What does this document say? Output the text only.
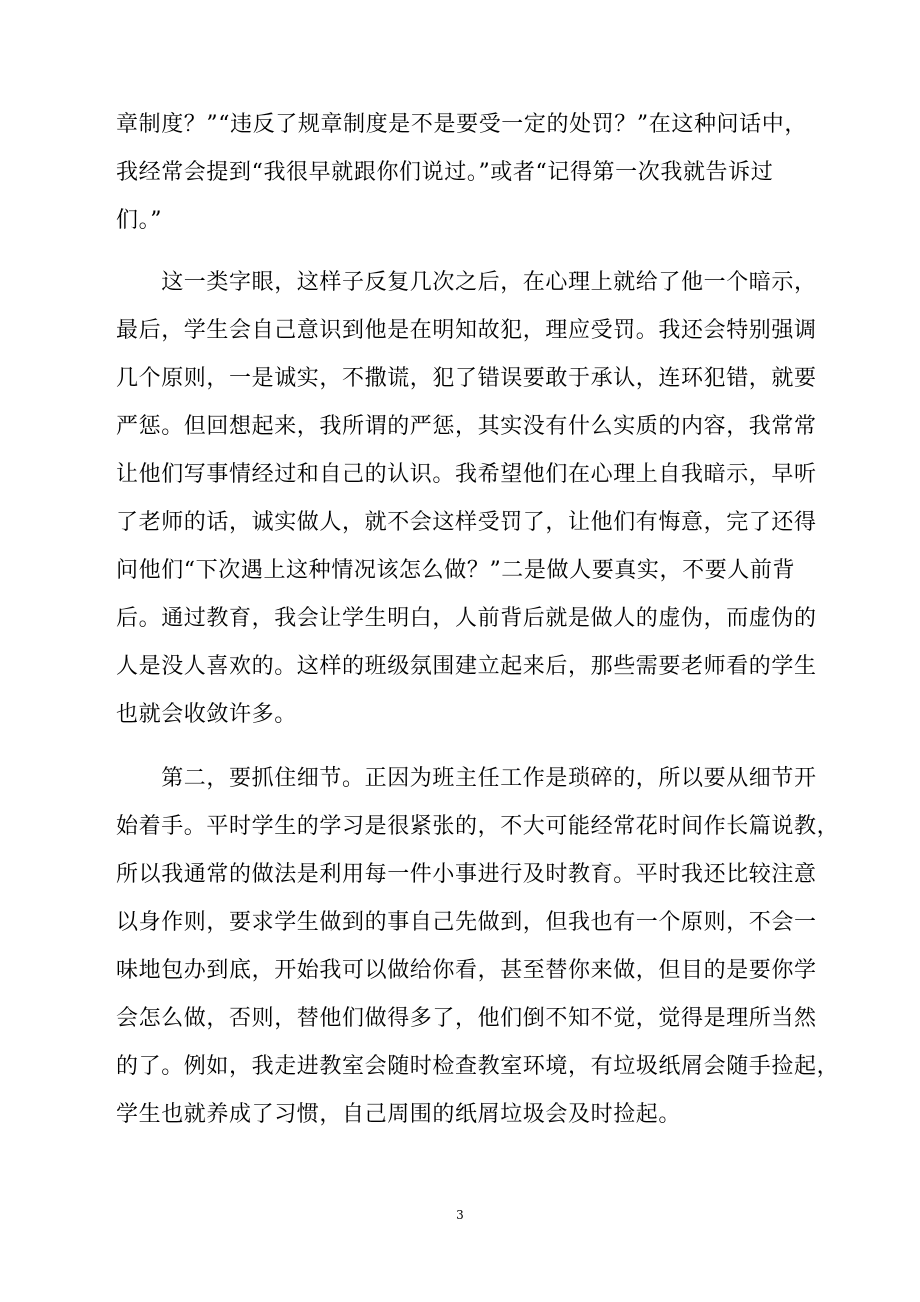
章制度？”“违反了规章制度是不是要受一定的处罚？”在这种问话中，
我经常会提到“我很早就跟你们说过。”或者“记得第一次我就告诉过
们。”
　　这一类字眼，这样子反复几次之后，在心理上就给了他一个暗示，
最后，学生会自己意识到他是在明知故犯，理应受罚。我还会特别强调
几个原则，一是诚实，不撒谎，犯了错误要敢于承认，连环犯错，就要
严惩。但回想起来，我所谓的严惩，其实没有什么实质的内容，我常常
让他们写事情经过和自己的认识。我希望他们在心理上自我暗示，早听
了老师的话，诚实做人，就不会这样受罚了，让他们有悔意，完了还得
问他们“下次遇上这种情况该怎么做？”二是做人要真实，不要人前背
后。通过教育，我会让学生明白，人前背后就是做人的虚伪，而虚伪的
人是没人喜欢的。这样的班级氛围建立起来后，那些需要老师看的学生
也就会收敛许多。
　　第二，要抓住细节。正因为班主任工作是琐碎的，所以要从细节开
始着手。平时学生的学习是很紧张的，不大可能经常花时间作长篇说教，
所以我通常的做法是利用每一件小事进行及时教育。平时我还比较注意
以身作则，要求学生做到的事自己先做到，但我也有一个原则，不会一
味地包办到底，开始我可以做给你看，甚至替你来做，但目的是要你学
会怎么做，否则，替他们做得多了，他们倒不知不觉，觉得是理所当然
的了。例如，我走进教室会随时检查教室环境，有垃圾纸屑会随手捡起，
学生也就养成了习惯，自己周围的纸屑垃圾会及时捡起。
3
